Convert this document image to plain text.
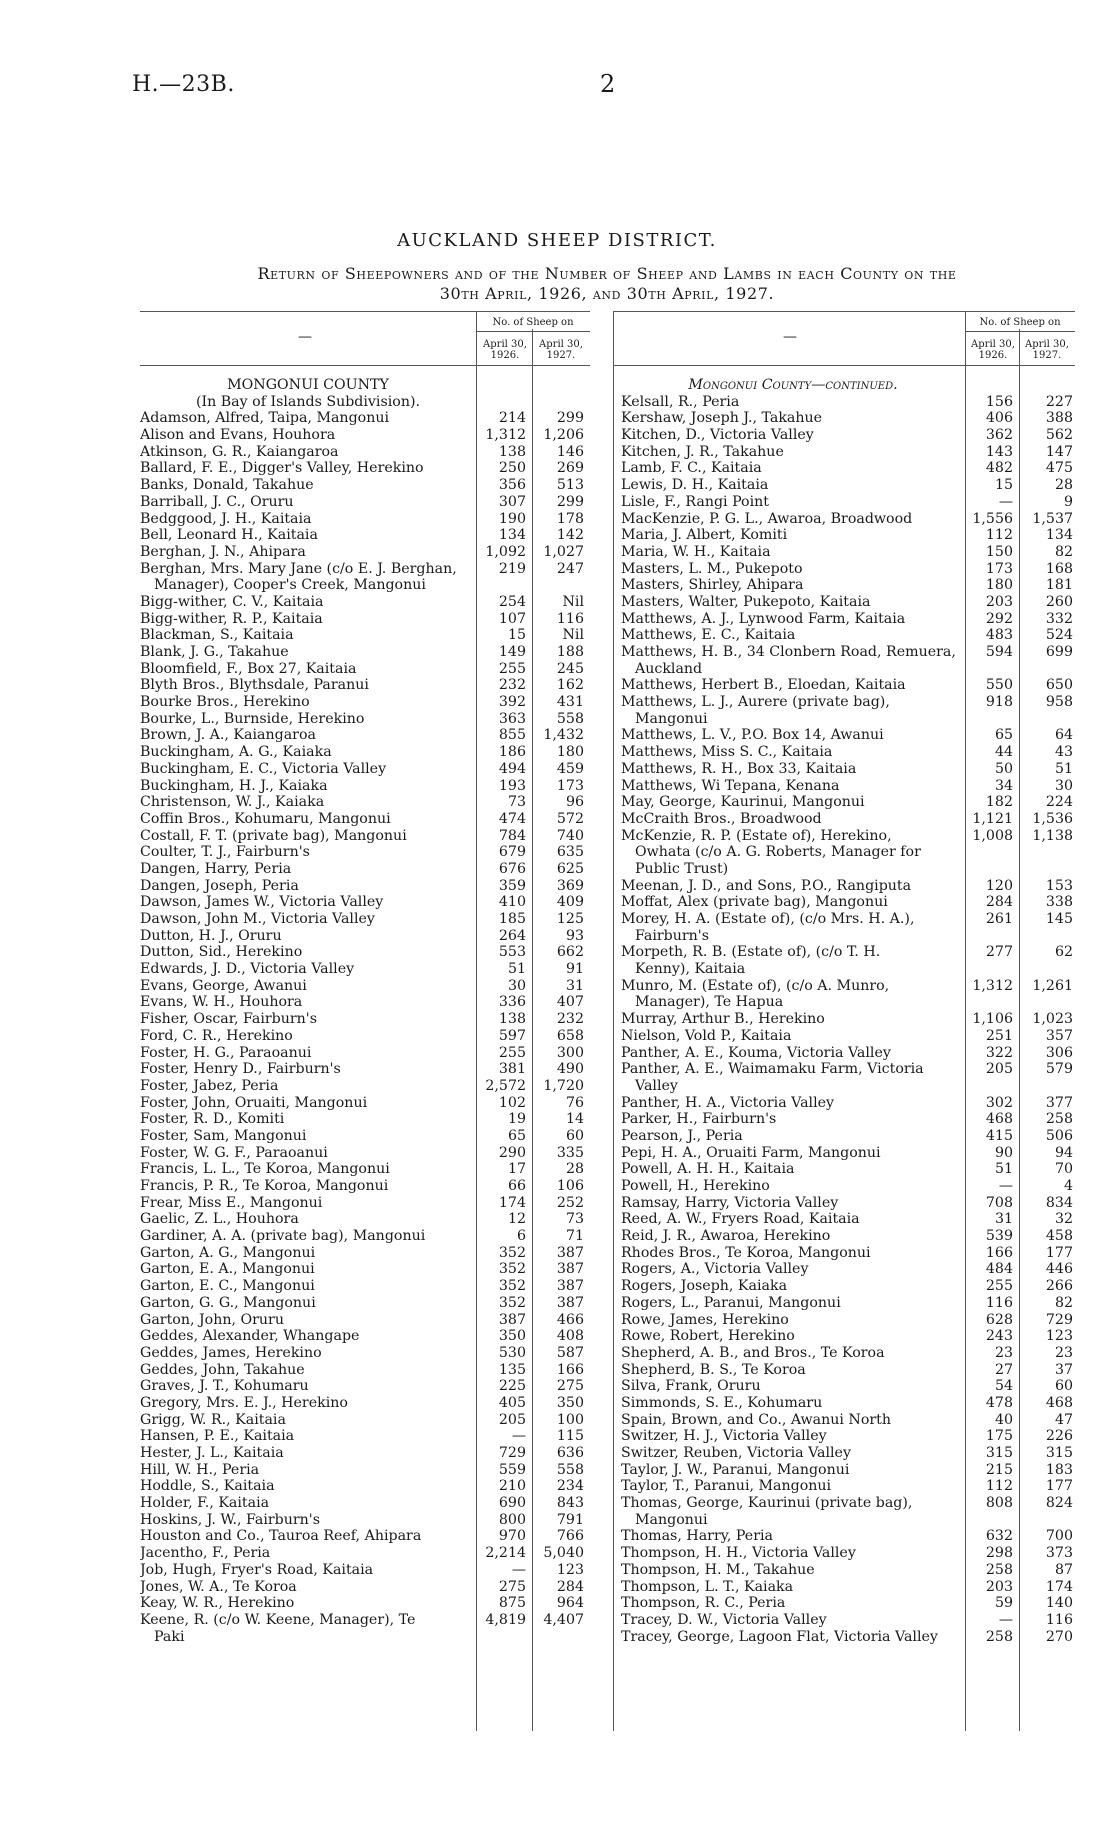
H.—23B.	2
AUCKLAND SHEEP DISTRICT.
Return of Sheepowners and of the Number of Sheep and Lambs in each County on the
30th April, 1926, and 30th April, 1927.
No. of Sheep on
April 30, 1926.
April 30, 1927.
—
MONGONUI COUNTY
(In Bay of Islands Subdivision).
Adamson, Alfred, Taipa, Mangonui	214	299
Alison and Evans, Houhora	1,312	1,206
Atkinson, G. R., Kaiangaroa	138	146
Ballard, F. E., Digger's Valley, Herekino	250	269
Banks, Donald, Takahue	356	513
Barriball, J. C., Oruru	307	299
Bedggood, J. H., Kaitaia	190	178
Bell, Leonard H., Kaitaia	134	142
Berghan, J. N., Ahipara	1,092	1,027
Berghan, Mrs. Mary Jane (c/o E. J. Berghan,	219	247
Manager), Cooper's Creek, Mangonui
Bigg-wither, C. V., Kaitaia	254	Nil
Bigg-wither, R. P., Kaitaia	107	116
Blackman, S., Kaitaia	15	Nil
Blank, J. G., Takahue	149	188
Bloomfield, F., Box 27, Kaitaia	255	245
Blyth Bros., Blythsdale, Paranui	232	162
Bourke Bros., Herekino	392	431
Bourke, L., Burnside, Herekino	363	558
Brown, J. A., Kaiangaroa	855	1,432
Buckingham, A. G., Kaiaka	186	180
Buckingham, E. C., Victoria Valley	494	459
Buckingham, H. J., Kaiaka	193	173
Christenson, W. J., Kaiaka	73	96
Coffin Bros., Kohumaru, Mangonui	474	572
Costall, F. T. (private bag), Mangonui	784	740
Coulter, T. J., Fairburn's	679	635
Dangen, Harry, Peria	676	625
Dangen, Joseph, Peria	359	369
Dawson, James W., Victoria Valley	410	409
Dawson, John M., Victoria Valley	185	125
Dutton, H. J., Oruru	264	93
Dutton, Sid., Herekino	553	662
Edwards, J. D., Victoria Valley	51	91
Evans, George, Awanui	30	31
Evans, W. H., Houhora	336	407
Fisher, Oscar, Fairburn's	138	232
Ford, C. R., Herekino	597	658
Foster, H. G., Paraoanui	255	300
Foster, Henry D., Fairburn's	381	490
Foster, Jabez, Peria	2,572	1,720
Foster, John, Oruaiti, Mangonui	102	76
Foster, R. D., Komiti	19	14
Foster, Sam, Mangonui	65	60
Foster, W. G. F., Paraoanui	290	335
Francis, L. L., Te Koroa, Mangonui	17	28
Francis, P. R., Te Koroa, Mangonui	66	106
Frear, Miss E., Mangonui	174	252
Gaelic, Z. L., Houhora	12	73
Gardiner, A. A. (private bag), Mangonui	6	71
Garton, A. G., Mangonui	352	387
Garton, E. A., Mangonui	352	387
Garton, E. C., Mangonui	352	387
Garton, G. G., Mangonui	352	387
Garton, John, Oruru	387	466
Geddes, Alexander, Whangape	350	408
Geddes, James, Herekino	530	587
Geddes, John, Takahue	135	166
Graves, J. T., Kohumaru	225	275
Gregory, Mrs. E. J., Herekino	405	350
Grigg, W. R., Kaitaia	205	100
Hansen, P. E., Kaitaia	—	115
Hester, J. L., Kaitaia	729	636
Hill, W. H., Peria	559	558
Hoddle, S., Kaitaia	210	234
Holder, F., Kaitaia	690	843
Hoskins, J. W., Fairburn's	800	791
Houston and Co., Tauroa Reef, Ahipara	970	766
Jacentho, F., Peria	2,214	5,040
Job, Hugh, Fryer's Road, Kaitaia	—	123
Jones, W. A., Te Koroa	275	284
Keay, W. R., Herekino	875	964
Keene, R. (c/o W. Keene, Manager), Te	4,819	4,407
Paki
No. of Sheep on
April 30, 1926.
April 30, 1927.
—
Mongonui County—continued.
Kelsall, R., Peria	156	227
Kershaw, Joseph J., Takahue	406	388
Kitchen, D., Victoria Valley	362	562
Kitchen, J. R., Takahue	143	147
Lamb, F. C., Kaitaia	482	475
Lewis, D. H., Kaitaia	15	28
Lisle, F., Rangi Point	—	9
MacKenzie, P. G. L., Awaroa, Broadwood	1,556	1,537
Maria, J. Albert, Komiti	112	134
Maria, W. H., Kaitaia	150	82
Masters, L. M., Pukepoto	173	168
Masters, Shirley, Ahipara	180	181
Masters, Walter, Pukepoto, Kaitaia	203	260
Matthews, A. J., Lynwood Farm, Kaitaia	292	332
Matthews, E. C., Kaitaia	483	524
Matthews, H. B., 34 Clonbern Road, Remuera,	594	699
Auckland
Matthews, Herbert B., Eloedan, Kaitaia	550	650
Matthews, L. J., Aurere (private bag),	918	958
Mangonui
Matthews, L. V., P.O. Box 14, Awanui	65	64
Matthews, Miss S. C., Kaitaia	44	43
Matthews, R. H., Box 33, Kaitaia	50	51
Matthews, Wi Tepana, Kenana	34	30
May, George, Kaurinui, Mangonui	182	224
McCraith Bros., Broadwood	1,121	1,536
McKenzie, R. P. (Estate of), Herekino,	1,008	1,138
Owhata (c/o A. G. Roberts, Manager for
Public Trust)
Meenan, J. D., and Sons, P.O., Rangiputa	120	153
Moffat, Alex (private bag), Mangonui	284	338
Morey, H. A. (Estate of), (c/o Mrs. H. A.),	261	145
Fairburn's
Morpeth, R. B. (Estate of), (c/o T. H.	277	62
Kenny), Kaitaia
Munro, M. (Estate of), (c/o A. Munro,	1,312	1,261
Manager), Te Hapua
Murray, Arthur B., Herekino	1,106	1,023
Nielson, Vold P., Kaitaia	251	357
Panther, A. E., Kouma, Victoria Valley	322	306
Panther, A. E., Waimamaku Farm, Victoria	205	579
Valley
Panther, H. A., Victoria Valley	302	377
Parker, H., Fairburn's	468	258
Pearson, J., Peria	415	506
Pepi, H. A., Oruaiti Farm, Mangonui	90	94
Powell, A. H. H., Kaitaia	51	70
Powell, H., Herekino	—	4
Ramsay, Harry, Victoria Valley	708	834
Reed, A. W., Fryers Road, Kaitaia	31	32
Reid, J. R., Awaroa, Herekino	539	458
Rhodes Bros., Te Koroa, Mangonui	166	177
Rogers, A., Victoria Valley	484	446
Rogers, Joseph, Kaiaka	255	266
Rogers, L., Paranui, Mangonui	116	82
Rowe, James, Herekino	628	729
Rowe, Robert, Herekino	243	123
Shepherd, A. B., and Bros., Te Koroa	23	23
Shepherd, B. S., Te Koroa	27	37
Silva, Frank, Oruru	54	60
Simmonds, S. E., Kohumaru	478	468
Spain, Brown, and Co., Awanui North	40	47
Switzer, H. J., Victoria Valley	175	226
Switzer, Reuben, Victoria Valley	315	315
Taylor, J. W., Paranui, Mangonui	215	183
Taylor, T., Paranui, Mangonui	112	177
Thomas, George, Kaurinui (private bag),	808	824
Mangonui
Thomas, Harry, Peria	632	700
Thompson, H. H., Victoria Valley	298	373
Thompson, H. M., Takahue	258	87
Thompson, L. T., Kaiaka	203	174
Thompson, R. C., Peria	59	140
Tracey, D. W., Victoria Valley	—	116
Tracey, George, Lagoon Flat, Victoria Valley	258	270
